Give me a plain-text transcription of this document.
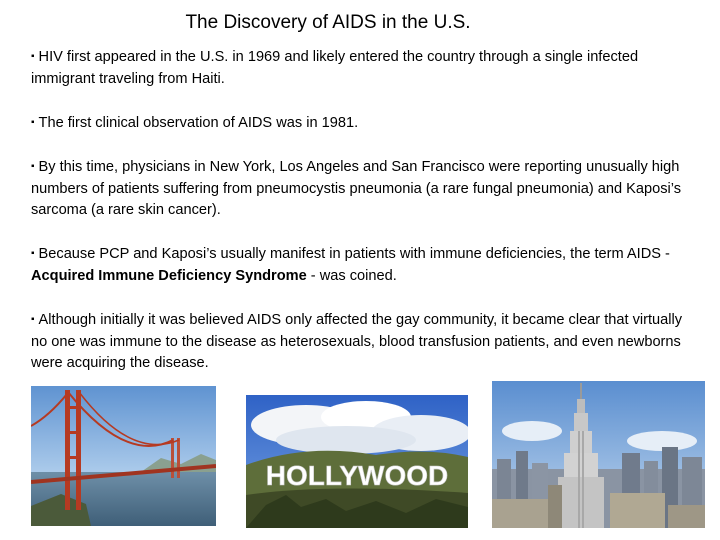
The Discovery of AIDS in the U.S.

▪ HIV first appeared in the U.S. in 1969 and likely entered the country through a single infected immigrant traveling from Haiti.

▪ The first clinical observation of AIDS was in 1981.

▪ By this time, physicians in New York, Los Angeles and San Francisco were reporting unusually high numbers of patients suffering from pneumocystis pneumonia (a rare fungal pneumonia) and Kaposi’s sarcoma (a rare skin cancer).

▪ Because PCP and Kaposi’s usually manifest in patients with immune deficiencies, the term AIDS - Acquired Immune Deficiency Syndrome - was coined.

▪ Although initially it was believed AIDS only affected the gay community, it became clear that virtually no one was immune to the disease as heterosexuals, blood transfusion patients, and even newborns were acquiring the disease.

HOLLYWOOD
